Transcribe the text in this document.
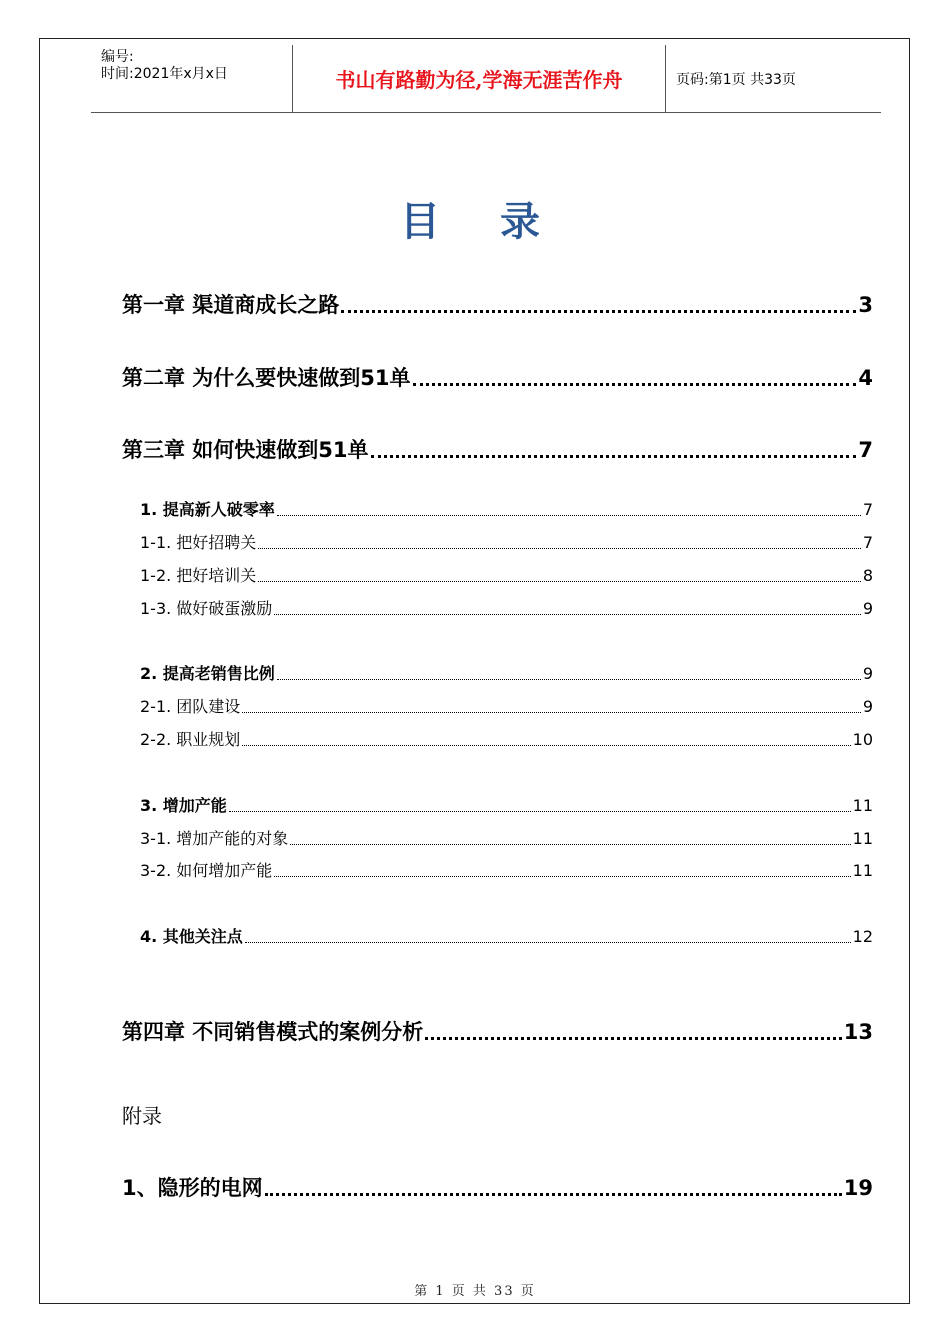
编号:
时间:2021年x月x日	书山有路勤为径,学海无涯苦作舟	页码:第1页 共33页
目录
第一章 渠道商成长之路	3
第二章 为什么要快速做到51单	4
第三章 如何快速做到51单	7
1. 提高新人破零率	7
1-1. 把好招聘关	7
1-2. 把好培训关	8
1-3. 做好破蛋激励	9
2. 提高老销售比例	9
2-1. 团队建设	9
2-2. 职业规划	10
3. 增加产能	11
3-1. 增加产能的对象	11
3-2. 如何增加产能	11
4. 其他关注点	12
第四章 不同销售模式的案例分析	13
附录
1、隐形的电网	19
第 1 页 共 33 页
